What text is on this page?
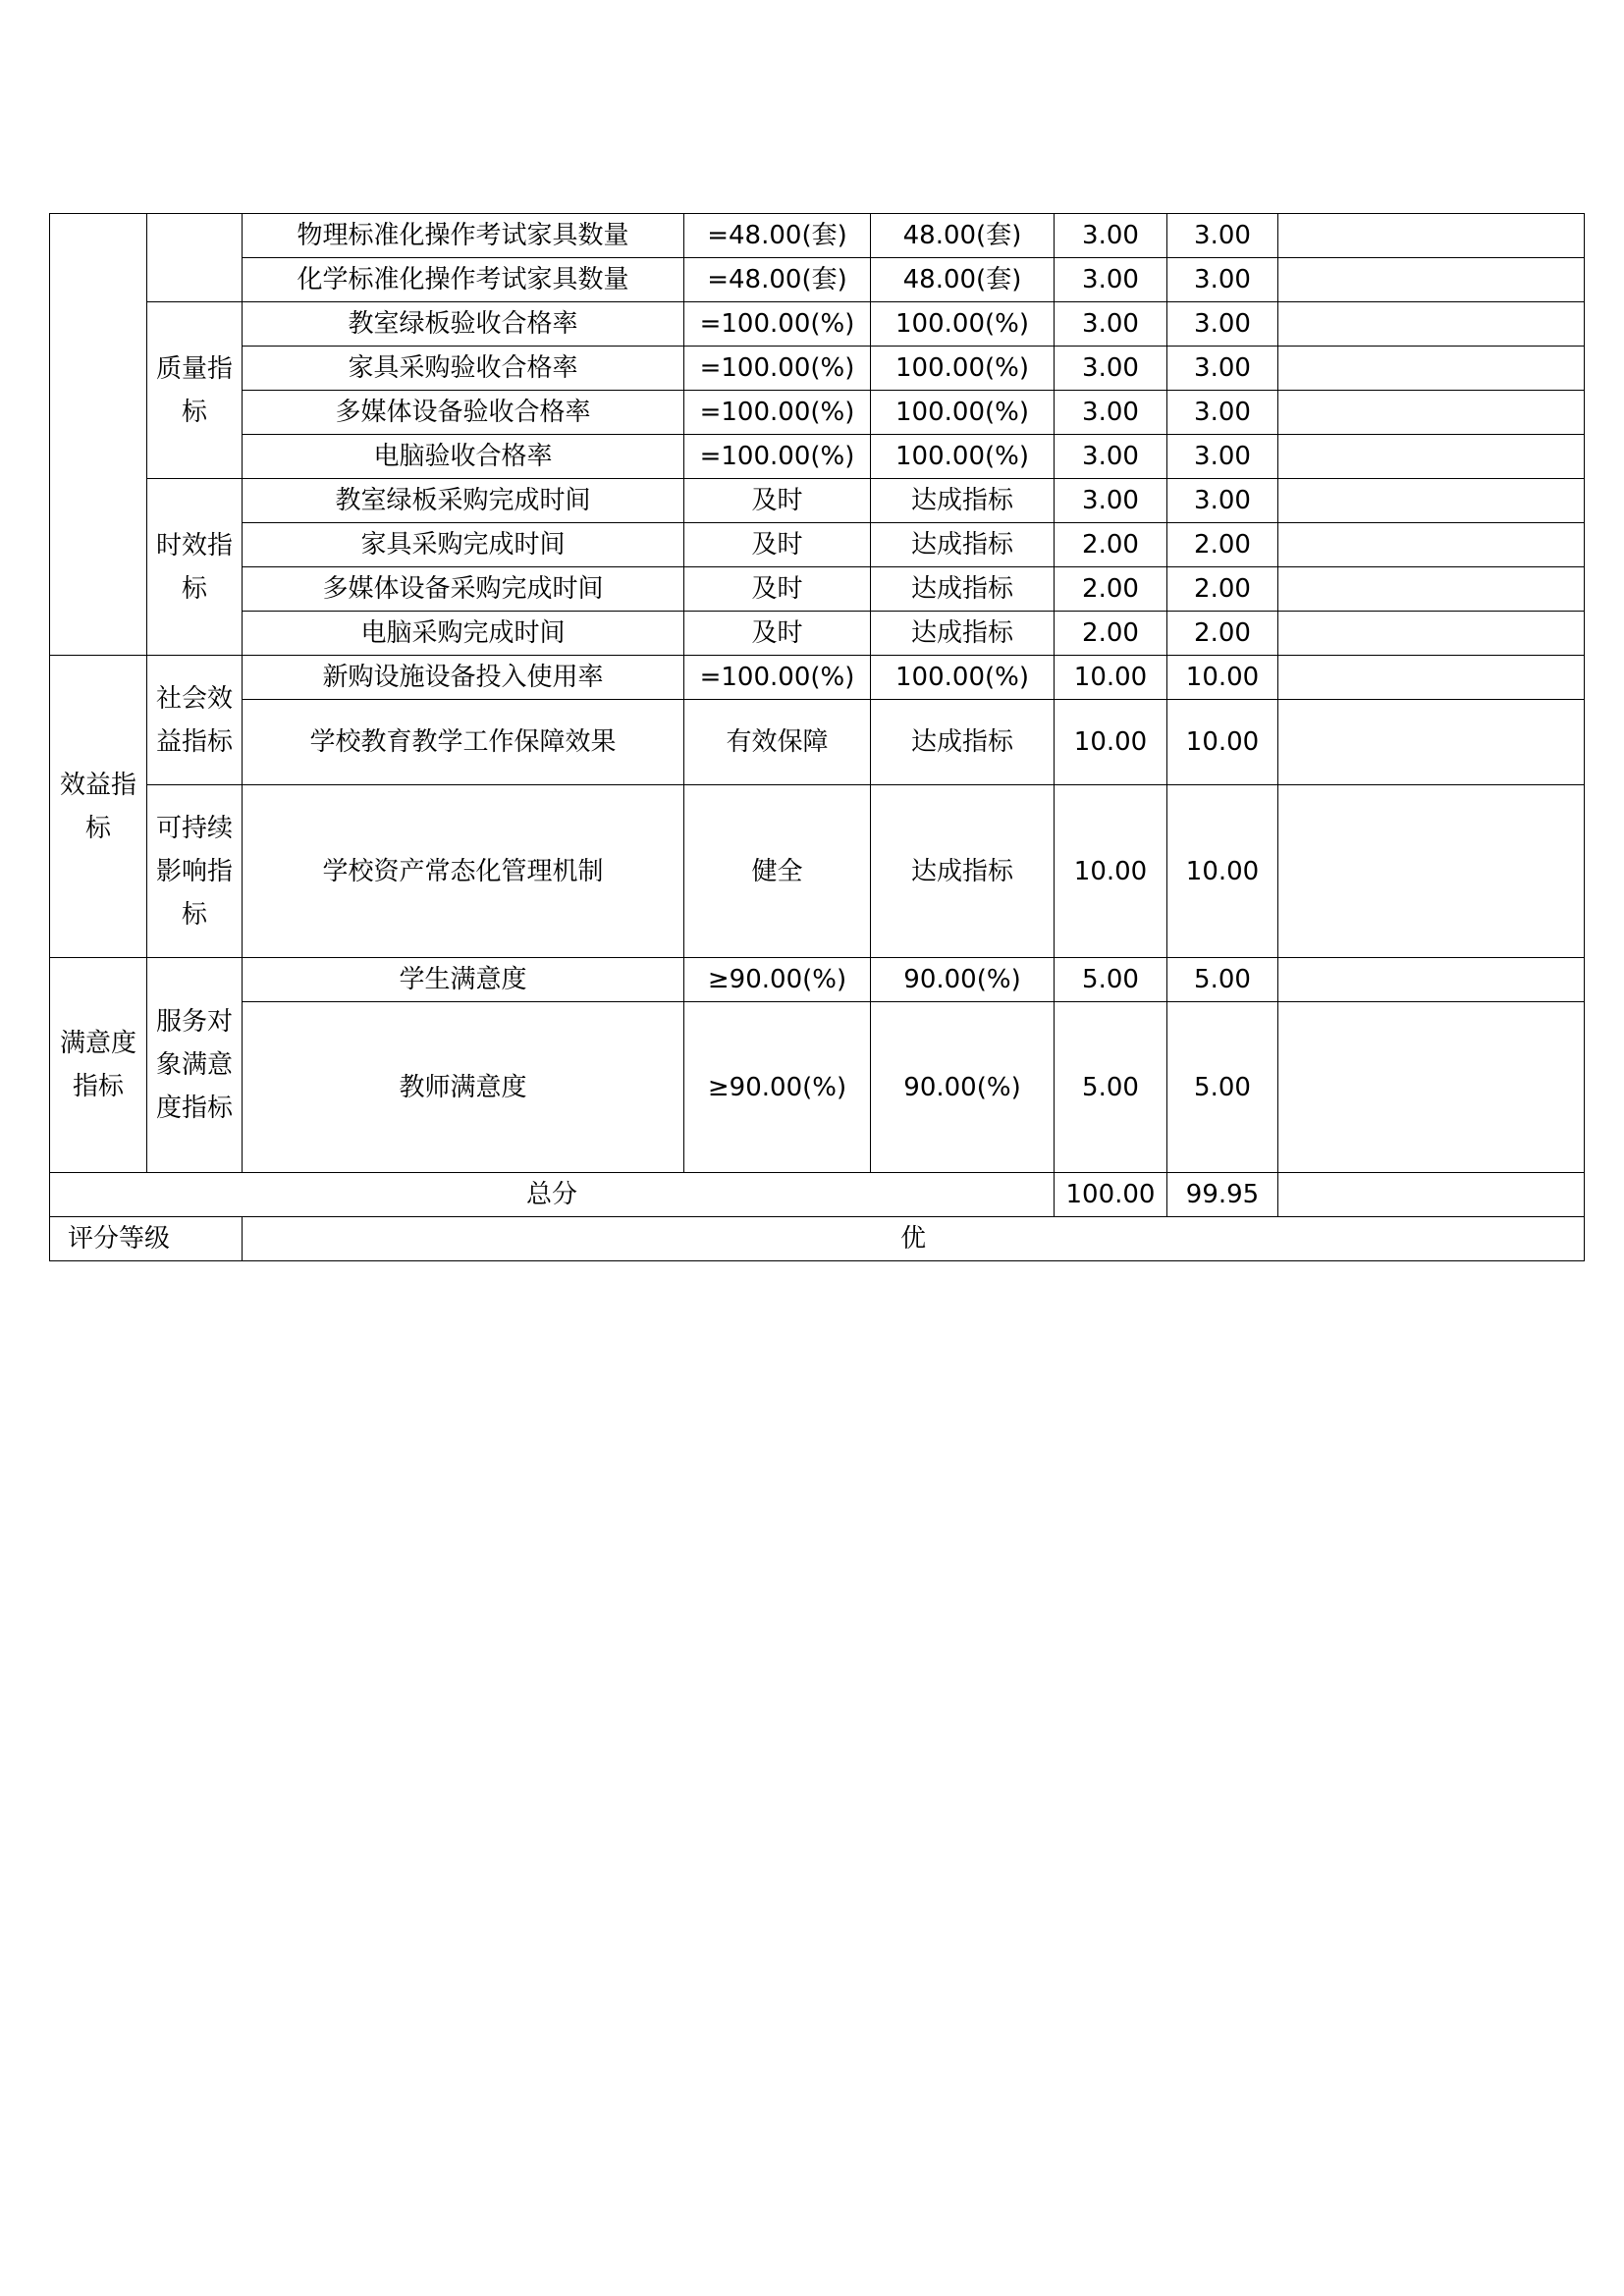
		物理标准化操作考试家具数量	=48.00(套)	48.00(套)	3.00	3.00	
		化学标准化操作考试家具数量	=48.00(套)	48.00(套)	3.00	3.00	
	质量指标	教室绿板验收合格率	=100.00(%)	100.00(%)	3.00	3.00	
		家具采购验收合格率	=100.00(%)	100.00(%)	3.00	3.00	
		多媒体设备验收合格率	=100.00(%)	100.00(%)	3.00	3.00	
		电脑验收合格率	=100.00(%)	100.00(%)	3.00	3.00	
	时效指标	教室绿板采购完成时间	及时	达成指标	3.00	3.00	
		家具采购完成时间	及时	达成指标	2.00	2.00	
		多媒体设备采购完成时间	及时	达成指标	2.00	2.00	
		电脑采购完成时间	及时	达成指标	2.00	2.00	
效益指标	社会效益指标	新购设施设备投入使用率	=100.00(%)	100.00(%)	10.00	10.00	
		学校教育教学工作保障效果	有效保障	达成指标	10.00	10.00	
	可持续影响指标	学校资产常态化管理机制	健全	达成指标	10.00	10.00	
满意度指标	服务对象满意度指标	学生满意度	≥90.00(%)	90.00(%)	5.00	5.00	
		教师满意度	≥90.00(%)	90.00(%)	5.00	5.00	
总分					100.00	99.95	
评分等级		优					
